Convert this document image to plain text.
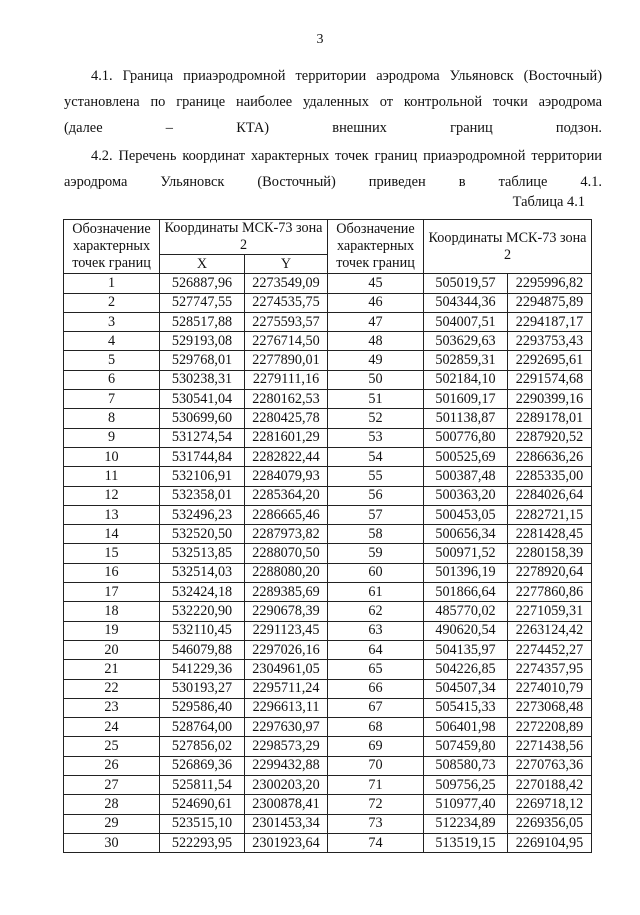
3

4.1. Граница приаэродромной территории аэродрома Ульяновск (Восточный) установлена по границе наиболее удаленных от контрольной точки аэродрома
(далее – КТА) внешних границ подзон.

4.2. Перечень координат характерных точек границ приаэродромной территории
аэродрома Ульяновск (Восточный) приведен в таблице 4.1.

Таблица 4.1
Обозначение характерных точек границ	Координаты МСК-73 зона 2		Обозначение характерных точек границ	Координаты МСК-73 зона 2	
	X	Y			
1	526887,96	2273549,09	45	505019,57	2295996,82
2	527747,55	2274535,75	46	504344,36	2294875,89
3	528517,88	2275593,57	47	504007,51	2294187,17
4	529193,08	2276714,50	48	503629,63	2293753,43
5	529768,01	2277890,01	49	502859,31	2292695,61
6	530238,31	2279111,16	50	502184,10	2291574,68
7	530541,04	2280162,53	51	501609,17	2290399,16
8	530699,60	2280425,78	52	501138,87	2289178,01
9	531274,54	2281601,29	53	500776,80	2287920,52
10	531744,84	2282822,44	54	500525,69	2286636,26
11	532106,91	2284079,93	55	500387,48	2285335,00
12	532358,01	2285364,20	56	500363,20	2284026,64
13	532496,23	2286665,46	57	500453,05	2282721,15
14	532520,50	2287973,82	58	500656,34	2281428,45
15	532513,85	2288070,50	59	500971,52	2280158,39
16	532514,03	2288080,20	60	501396,19	2278920,64
17	532424,18	2289385,69	61	501866,64	2277860,86
18	532220,90	2290678,39	62	485770,02	2271059,31
19	532110,45	2291123,45	63	490620,54	2263124,42
20	546079,88	2297026,16	64	504135,97	2274452,27
21	541229,36	2304961,05	65	504226,85	2274357,95
22	530193,27	2295711,24	66	504507,34	2274010,79
23	529586,40	2296613,11	67	505415,33	2273068,48
24	528764,00	2297630,97	68	506401,98	2272208,89
25	527856,02	2298573,29	69	507459,80	2271438,56
26	526869,36	2299432,88	70	508580,73	2270763,36
27	525811,54	2300203,20	71	509756,25	2270188,42
28	524690,61	2300878,41	72	510977,40	2269718,12
29	523515,10	2301453,34	73	512234,89	2269356,05
30	522293,95	2301923,64	74	513519,15	2269104,95
